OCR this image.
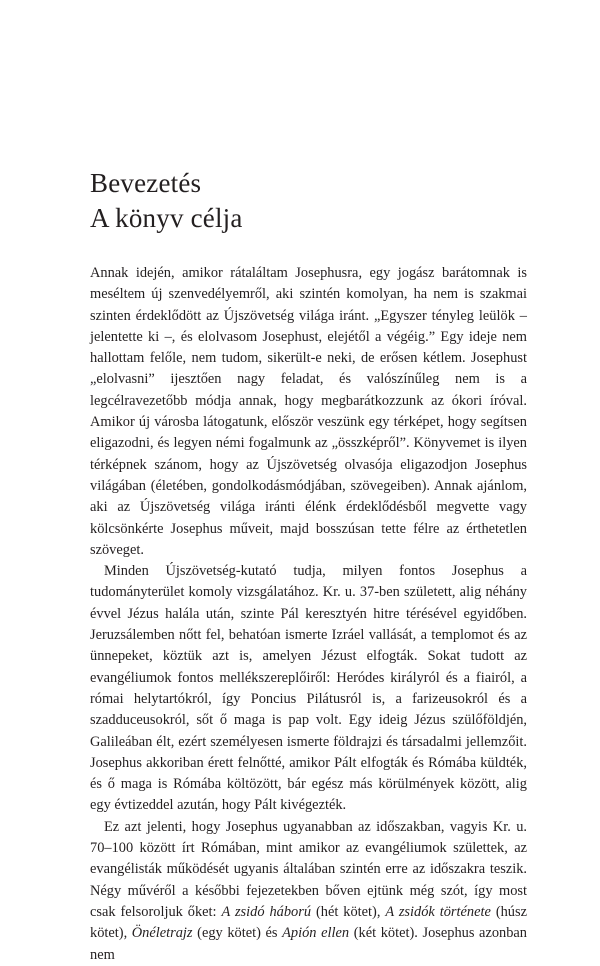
Bevezetés
A könyv célja

Annak idején, amikor rátaláltam Josephusra, egy jogász barátomnak is meséltem új szenvedélyemről, aki szintén komolyan, ha nem is szakmai szinten érdeklődött az Újszövetség világa iránt. „Egyszer tényleg leülök – jelentette ki –, és elolvasom Josephust, elejétől a végéig.” Egy ideje nem hallottam felőle, nem tudom, sikerült-e neki, de erősen kétlem. Josephust „elolvasni” ijesztően nagy feladat, és valószínűleg nem is a legcélravezetőbb módja annak, hogy megbarátkozzunk az ókori íróval. Amikor új városba látogatunk, először veszünk egy térképet, hogy segítsen eligazodni, és legyen némi fogalmunk az „összképről”. Könyvemet is ilyen térképnek szánom, hogy az Újszövetség olvasója eligazodjon Josephus világában (életében, gondolkodásmódjában, szövegeiben). Annak ajánlom, aki az Újszövetség világa iránti élénk érdeklődésből megvette vagy kölcsönkérte Josephus műveit, majd bosszúsan tette félre az érthetetlen szöveget.

Minden Újszövetség-kutató tudja, milyen fontos Josephus a tudományterület komoly vizsgálatához. Kr. u. 37-ben született, alig néhány évvel Jézus halála után, szinte Pál keresztyén hitre térésével egyidőben. Jeruzsálemben nőtt fel, behatóan ismerte Izráel vallását, a templomot és az ünnepeket, köztük azt is, amelyen Jézust elfogták. Sokat tudott az evangéliumok fontos mellékszereplőiről: Heródes királyról és a fiairól, a római helytartókról, így Poncius Pilátusról is, a farizeusokról és a szadduceusokról, sőt ő maga is pap volt. Egy ideig Jézus szülőföldjén, Galileában élt, ezért személyesen ismerte földrajzi és társadalmi jellemzőit. Josephus akkoriban érett felnőtté, amikor Pált elfogták és Rómába küldték, és ő maga is Rómába költözött, bár egész más körülmények között, alig egy évtizeddel azután, hogy Pált kivégezték.

Ez azt jelenti, hogy Josephus ugyanabban az időszakban, vagyis Kr. u. 70–100 között írt Rómában, mint amikor az evangéliumok születtek, az evangélisták működését ugyanis általában szintén erre az időszakra teszik. Négy művéről a későbbi fejezetekben bőven ejtünk még szót, így most csak felsoroljuk őket: A zsidó háború (hét kötet), A zsidók története (húsz kötet), Önéletrajz (egy kötet) és Apión ellen (két kötet). Josephus azonban nem
